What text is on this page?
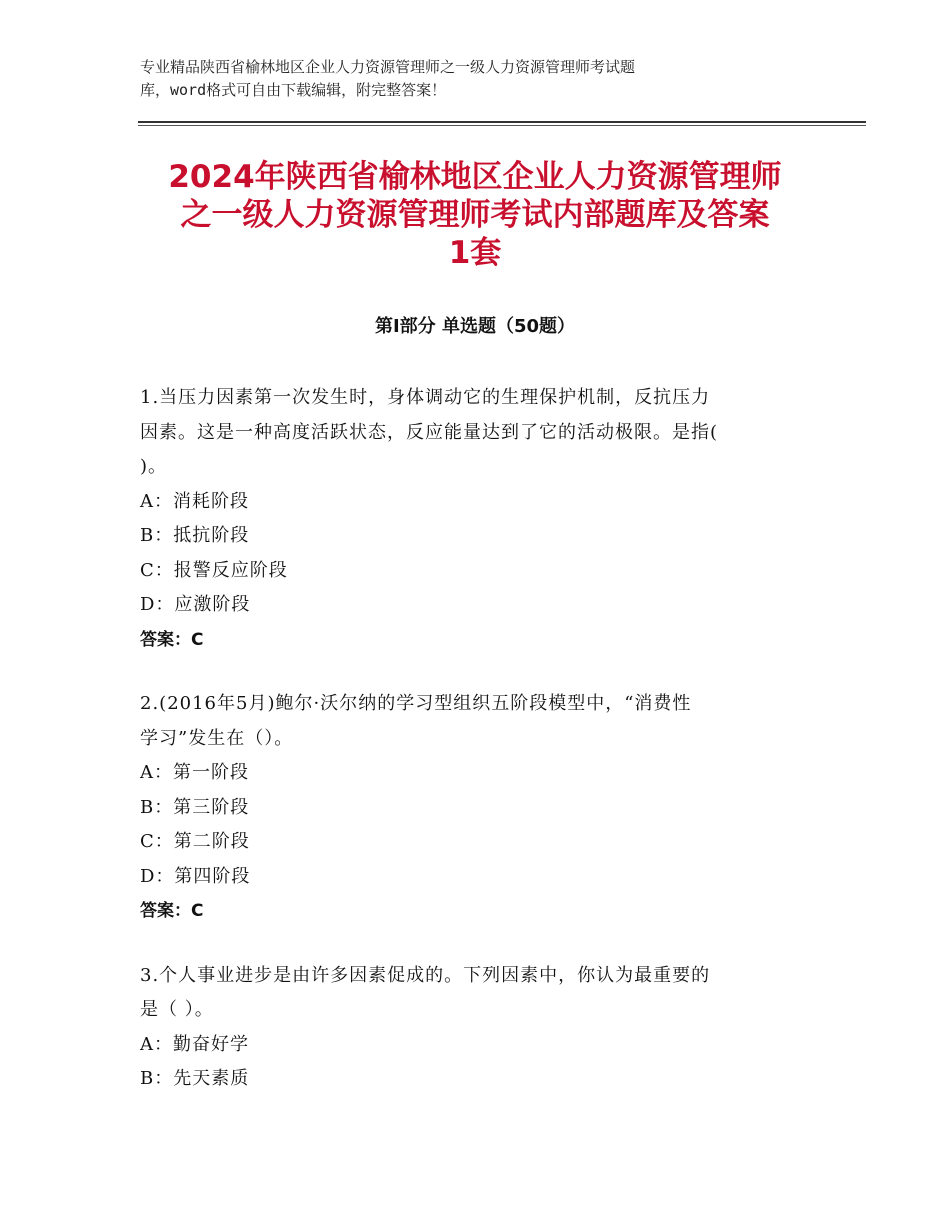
专业精品陕西省榆林地区企业人力资源管理师之一级人力资源管理师考试题
库，word格式可自由下载编辑，附完整答案！
2024年陕西省榆林地区企业人力资源管理师
之一级人力资源管理师考试内部题库及答案
1套
第Ⅰ部分 单选题（50题）

1.当压力因素第一次发生时，身体调动它的生理保护机制，反抗压力
因素。这是一种高度活跃状态，反应能量达到了它的活动极限。是指(
)。

A：消耗阶段

B：抵抗阶段

C：报警反应阶段

D：应激阶段

答案：C

2.(2016年5月)鲍尔·沃尔纳的学习型组织五阶段模型中，“消费性
学习”发生在（）。

A：第一阶段

B：第三阶段

C：第二阶段

D：第四阶段

答案：C

3.个人事业进步是由许多因素促成的。下列因素中，你认为最重要的
是（ ）。

A：勤奋好学

B：先天素质
